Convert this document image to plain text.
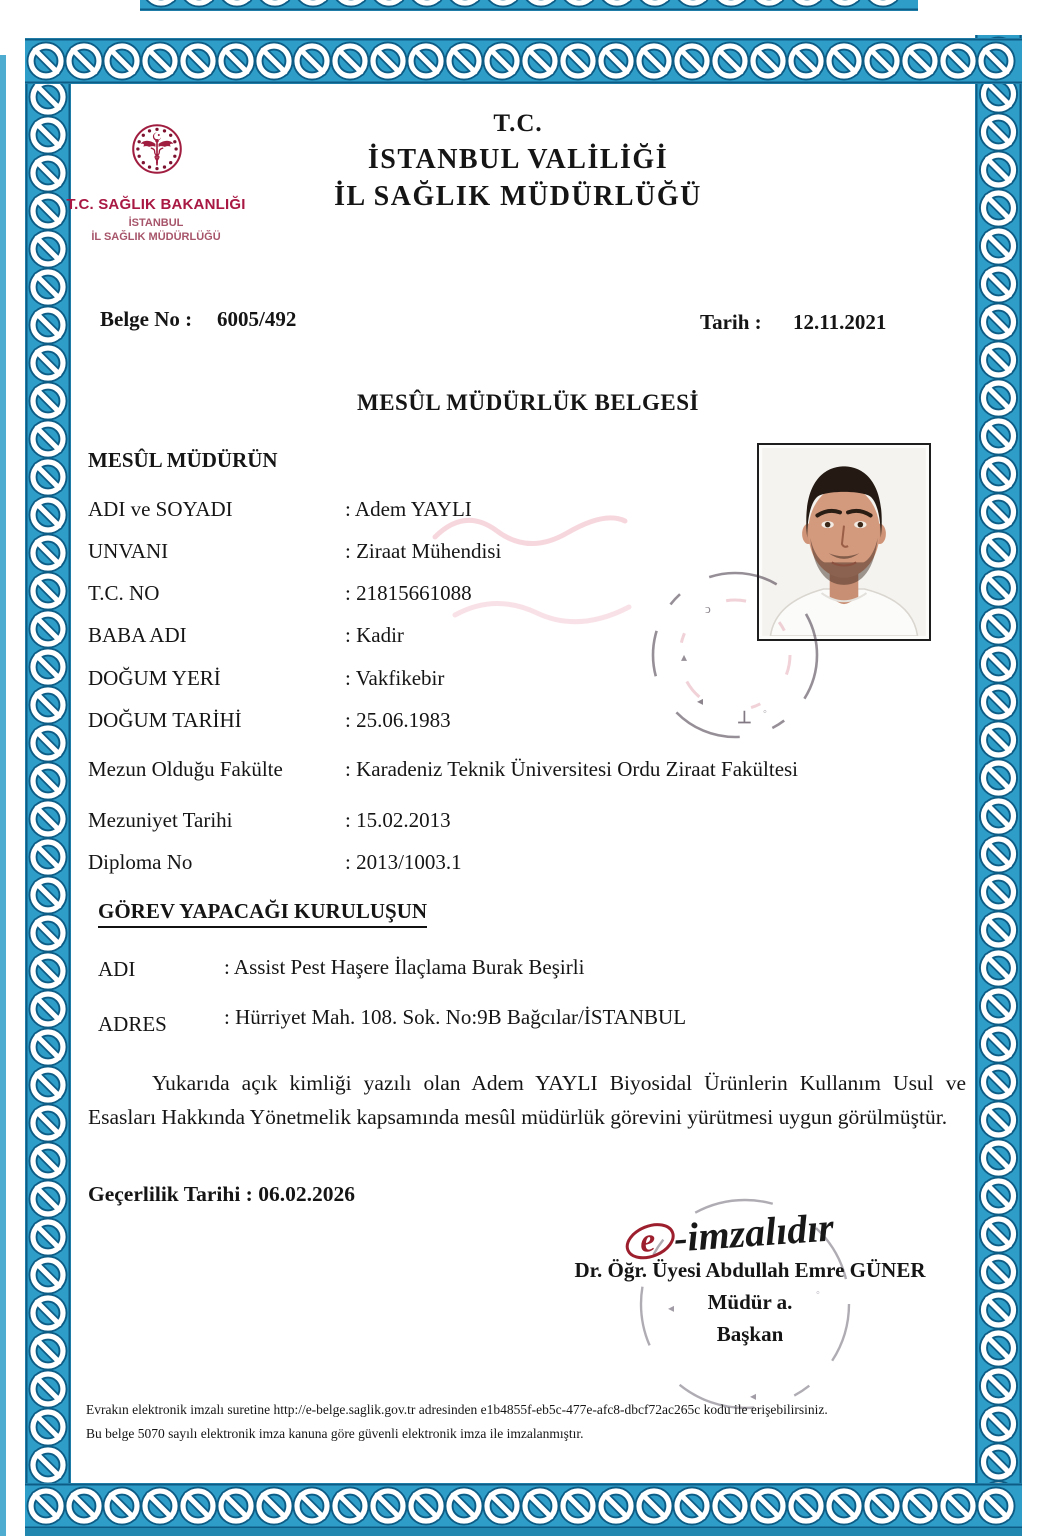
T.C. SAĞLIK BAKANLIĞI
İSTANBUL
İL SAĞLIK MÜDÜRLÜĞÜ
T.C.
İSTANBUL VALİLİĞİ
İL SAĞLIK MÜDÜRLÜĞÜ
Belge No : 6005/492	Tarih : 12.11.2021
MESÛL MÜDÜRLÜK BELGESİ
MESÛL MÜDÜRÜN
ADI ve SOYADI	: Adem YAYLI
UNVANI	: Ziraat Mühendisi
T.C. NO	: 21815661088
BABA ADI	: Kadir
DOĞUM YERİ	: Vakfikebir
DOĞUM TARİHİ	: 25.06.1983
Mezun Olduğu Fakülte	: Karadeniz Teknik Üniversitesi Ordu Ziraat Fakültesi
Mezuniyet Tarihi	: 15.02.2013
Diploma No	: 2013/1003.1
ͻ
▴
◂
⊥ ◦
GÖREV YAPACAĞI KURULUŞUN
ADI	: Assist Pest Haşere İlaçlama Burak Beşirli
ADRES	: Hürriyet Mah. 108. Sok. No:9B Bağcılar/İSTANBUL
Yukarıda açık kimliği yazılı olan Adem YAYLI Biyosidal Ürünlerin Kullanım Usul ve Esasları Hakkında Yönetmelik kapsamında mesûl müdürlük görevini yürütmesi uygun görülmüştür.
Geçerlilik Tarihi : 06.02.2026
◂
◦
◂
e -imzalıdır
Dr. Öğr. Üyesi Abdullah Emre GÜNER
Müdür a.
Başkan
Evrakın elektronik imzalı suretine http://e-belge.saglik.gov.tr adresinden e1b4855f-eb5c-477e-afc8-dbcf72ac265c kodu ile erişebilirsiniz.
Bu belge 5070 sayılı elektronik imza kanuna göre güvenli elektronik imza ile imzalanmıştır.
